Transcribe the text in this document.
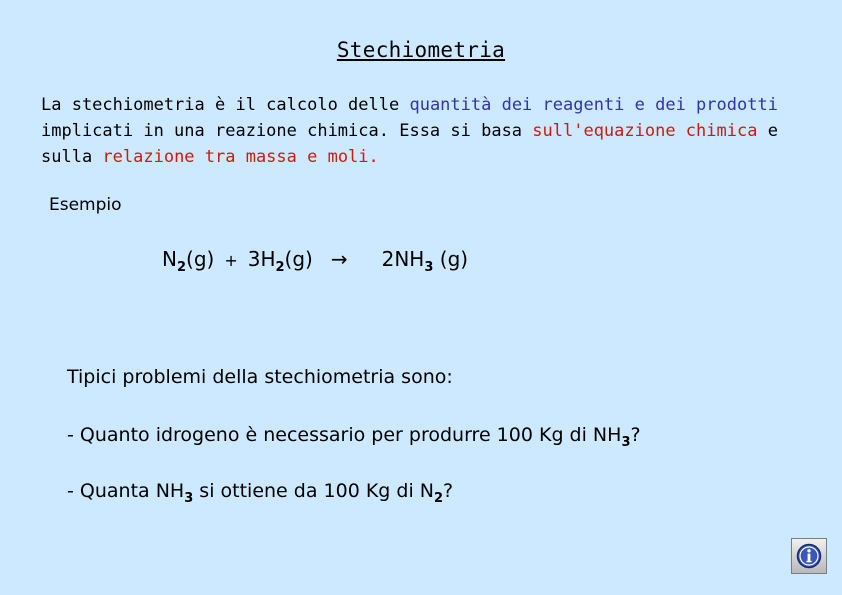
Stechiometria
La stechiometria è il calcolo delle quantità dei reagenti e dei prodotti
implicati in una reazione chimica. Essa si basa sull'equazione chimica e
sulla relazione tra massa e moli.
Esempio
$N_2(g) + 3H_2(g) \to 2NH_3$ (g)
Tipici problemi della stechiometria sono:
- Quanto idrogeno è necessario per produrre 100 Kg di $NH_3$?
- Quanta $NH_3$ si ottiene da 100 Kg di $N_2$?
